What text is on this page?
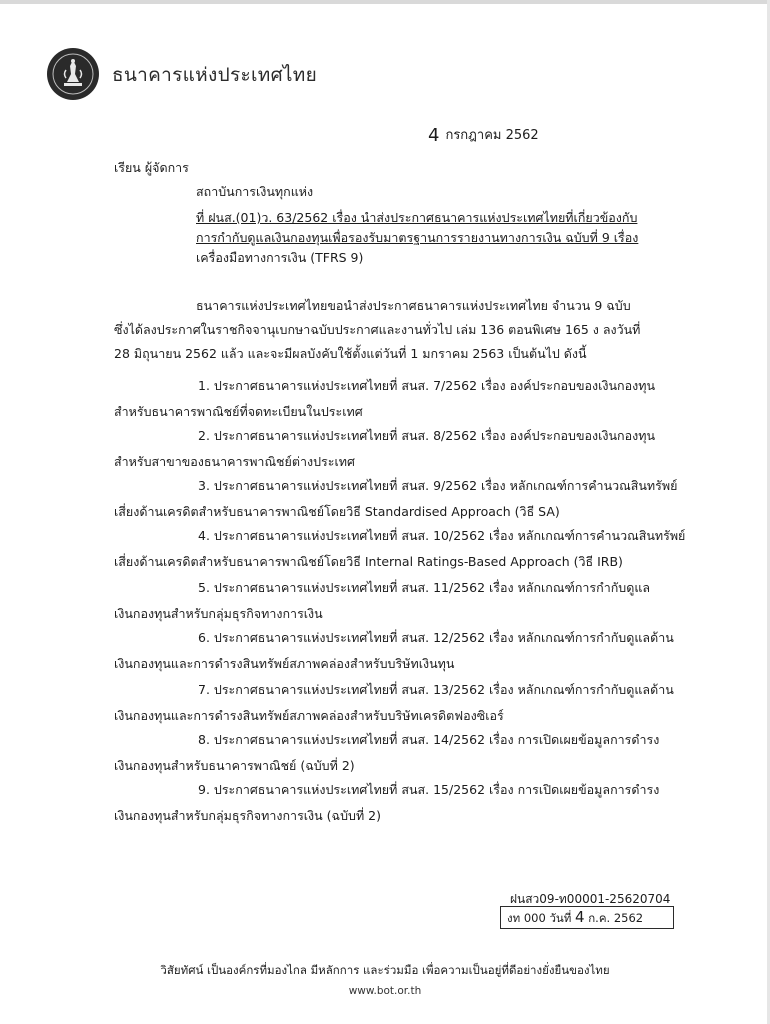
ธนาคารแห่งประเทศไทย
4 กรกฎาคม 2562
เรียน ผู้จัดการ
สถาบันการเงินทุกแห่ง
ที่ ฝนส.(01)ว. 63/2562 เรื่อง นำส่งประกาศธนาคารแห่งประเทศไทยที่เกี่ยวข้องกับ
การกำกับดูแลเงินกองทุนเพื่อรองรับมาตรฐานการรายงานทางการเงิน ฉบับที่ 9 เรื่อง
เครื่องมือทางการเงิน (TFRS 9)
ธนาคารแห่งประเทศไทยขอนำส่งประกาศธนาคารแห่งประเทศไทย จำนวน 9 ฉบับ
ซึ่งได้ลงประกาศในราชกิจจานุเบกษาฉบับประกาศและงานทั่วไป เล่ม 136 ตอนพิเศษ 165 ง ลงวันที่
28 มิถุนายน 2562 แล้ว และจะมีผลบังคับใช้ตั้งแต่วันที่ 1 มกราคม 2563 เป็นต้นไป ดังนี้
1. ประกาศธนาคารแห่งประเทศไทยที่ สนส. 7/2562 เรื่อง องค์ประกอบของเงินกองทุน
สำหรับธนาคารพาณิชย์ที่จดทะเบียนในประเทศ
2. ประกาศธนาคารแห่งประเทศไทยที่ สนส. 8/2562 เรื่อง องค์ประกอบของเงินกองทุน
สำหรับสาขาของธนาคารพาณิชย์ต่างประเทศ
3. ประกาศธนาคารแห่งประเทศไทยที่ สนส. 9/2562 เรื่อง หลักเกณฑ์การคำนวณสินทรัพย์
เสี่ยงด้านเครดิตสำหรับธนาคารพาณิชย์โดยวิธี Standardised Approach (วิธี SA)
4. ประกาศธนาคารแห่งประเทศไทยที่ สนส. 10/2562 เรื่อง หลักเกณฑ์การคำนวณสินทรัพย์
เสี่ยงด้านเครดิตสำหรับธนาคารพาณิชย์โดยวิธี Internal Ratings-Based Approach (วิธี IRB)
5. ประกาศธนาคารแห่งประเทศไทยที่ สนส. 11/2562 เรื่อง หลักเกณฑ์การกำกับดูแล
เงินกองทุนสำหรับกลุ่มธุรกิจทางการเงิน
6. ประกาศธนาคารแห่งประเทศไทยที่ สนส. 12/2562 เรื่อง หลักเกณฑ์การกำกับดูแลด้าน
เงินกองทุนและการดำรงสินทรัพย์สภาพคล่องสำหรับบริษัทเงินทุน
7. ประกาศธนาคารแห่งประเทศไทยที่ สนส. 13/2562 เรื่อง หลักเกณฑ์การกำกับดูแลด้าน
เงินกองทุนและการดำรงสินทรัพย์สภาพคล่องสำหรับบริษัทเครดิตฟองซิเอร์
8. ประกาศธนาคารแห่งประเทศไทยที่ สนส. 14/2562 เรื่อง การเปิดเผยข้อมูลการดำรง
เงินกองทุนสำหรับธนาคารพาณิชย์ (ฉบับที่ 2)
9. ประกาศธนาคารแห่งประเทศไทยที่ สนส. 15/2562 เรื่อง การเปิดเผยข้อมูลการดำรง
เงินกองทุนสำหรับกลุ่มธุรกิจทางการเงิน (ฉบับที่ 2)
ฝนสว09-ท00001-25620704
งท 000 วันที่ 4 ก.ค. 2562
วิสัยทัศน์ เป็นองค์กรที่มองไกล มีหลักการ และร่วมมือ เพื่อความเป็นอยู่ที่ดีอย่างยั่งยืนของไทย
www.bot.or.th
